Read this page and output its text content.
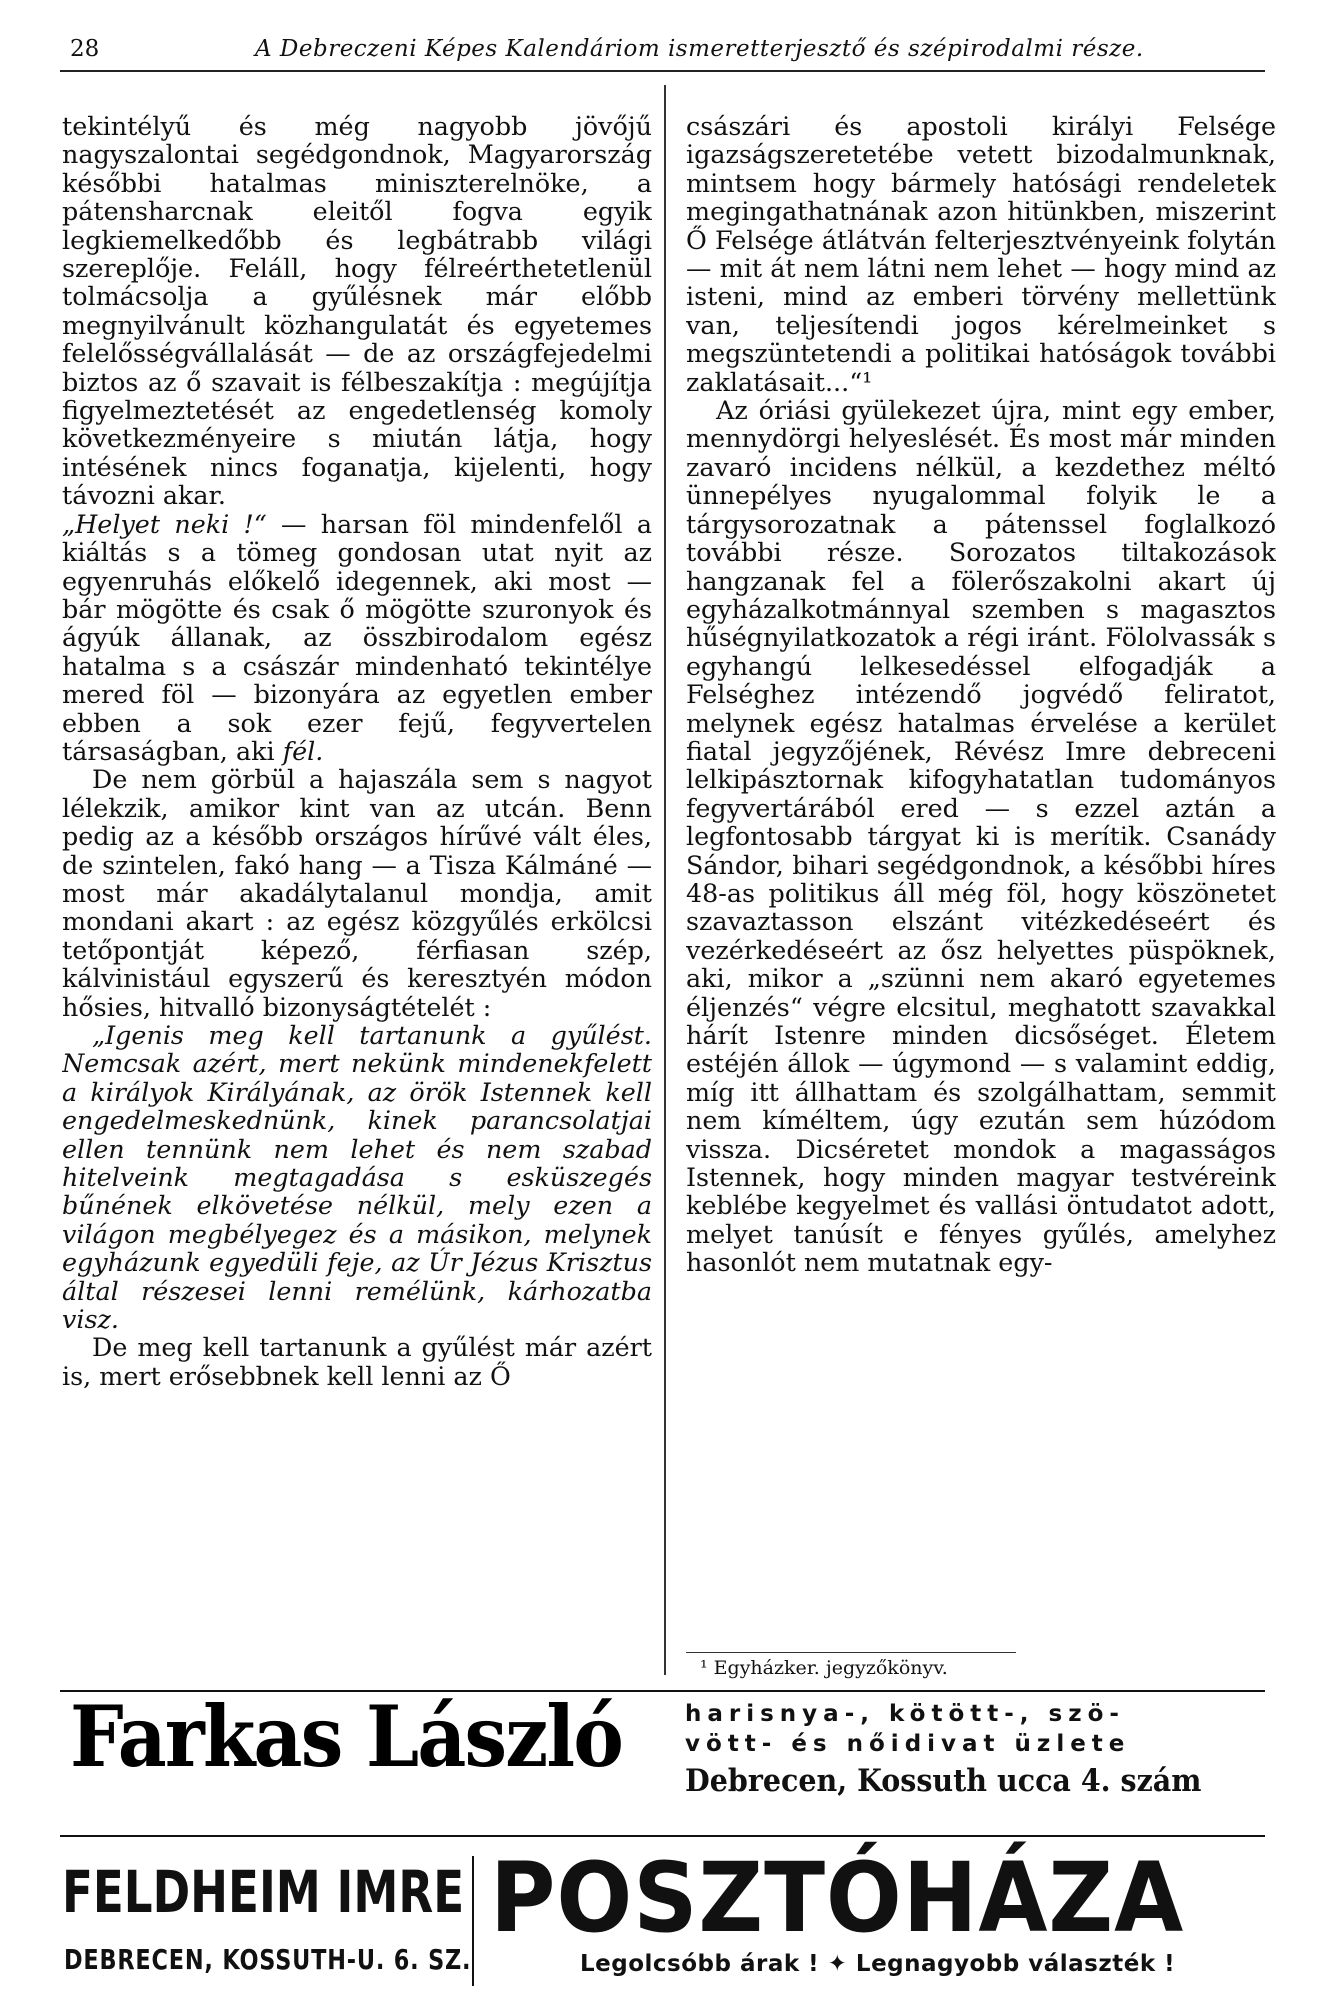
28	A Debreczeni Képes Kalendáriom ismeretterjesztő és szépirodalmi része.

tekintélyű és még nagyobb jövőjű nagyszalontai segédgondnok, Magyarország későbbi hatalmas miniszterelnöke, a pátensharcnak eleitől fogva egyik legkiemelkedőbb és legbátrabb világi szereplője. Feláll, hogy félreérthetetlenül tolmácsolja a gyűlésnek már előbb megnyilvánult közhangulatát és egyetemes felelősségvállalását — de az országfejedelmi biztos az ő szavait is félbeszakítja : megújítja figyelmeztetését az engedetlenség komoly következményeire s miután látja, hogy intésének nincs foganatja, kijelenti, hogy távozni akar.

„Helyet neki !“ — harsan föl mindenfelől a kiáltás s a tömeg gondosan utat nyit az egyenruhás előkelő idegennek, aki most — bár mögötte és csak ő mögötte szuronyok és ágyúk állanak, az összbirodalom egész hatalma s a császár mindenható tekintélye mered föl — bizonyára az egyetlen ember ebben a sok ezer fejű, fegyvertelen társaságban, aki fél.

De nem görbül a hajaszála sem s nagyot lélekzik, amikor kint van az utcán. Benn pedig az a később országos hírűvé vált éles, de szintelen, fakó hang — a Tisza Kálmáné — most már akadálytalanul mondja, amit mondani akart : az egész közgyűlés erkölcsi tetőpontját képező, férfiasan szép, kálvinistául egyszerű és keresztyén módon hősies, hitvalló bizonyságtételét :

„Igenis meg kell tartanunk a gyűlést. Nemcsak azért, mert nekünk mindenekfelett a királyok Királyának, az örök Istennek kell engedelmeskednünk, kinek parancsolatjai ellen tennünk nem lehet és nem szabad hitelveink megtagadása s esküszegés bűnének elkövetése nélkül, mely ezen a világon megbélyegez és a másikon, melynek egyházunk egyedüli feje, az Úr Jézus Krisztus által részesei lenni remélünk, kárhozatba visz.

De meg kell tartanunk a gyűlést már azért is, mert erősebbnek kell lenni az Ő

császári és apostoli királyi Felsége igazságszeretetébe vetett bizodalmunknak, mintsem hogy bármely hatósági rendeletek megingathatnának azon hitünkben, miszerint Ő Felsége átlátván felterjesztvényeink folytán — mit át nem látni nem lehet — hogy mind az isteni, mind az emberi törvény mellettünk van, teljesítendi jogos kérelmeinket s megszüntetendi a politikai hatóságok további zaklatásait...“¹

Az óriási gyülekezet újra, mint egy ember, mennydörgi helyeslését. És most már minden zavaró incidens nélkül, a kezdethez méltó ünnepélyes nyugalommal folyik le a tárgysorozatnak a pátenssel foglalkozó további része. Sorozatos tiltakozások hangzanak fel a fölerőszakolni akart új egyházalkotmánnyal szemben s magasztos hűségnyilatkozatok a régi iránt. Fölolvassák s egyhangú lelkesedéssel elfogadják a Felséghez intézendő jogvédő feliratot, melynek egész hatalmas érvelése a kerület fiatal jegyzőjének, Révész Imre debreceni lelkipásztornak kifogyhatatlan tudományos fegyvertárából ered — s ezzel aztán a legfontosabb tárgyat ki is merítik. Csanády Sándor, bihari segédgondnok, a későbbi híres 48-as politikus áll még föl, hogy köszönetet szavaztasson elszánt vitézkedéseért és vezérkedéseért az ősz helyettes püspöknek, aki, mikor a „szünni nem akaró egyetemes éljenzés“ végre elcsitul, meghatott szavakkal hárít Istenre minden dicsőséget. Életem estéjén állok — úgymond — s valamint eddig, míg itt állhattam és szolgálhattam, semmit nem kíméltem, úgy ezután sem húzódom vissza. Dicséretet mondok a magasságos Istennek, hogy minden magyar testvéreink keblébe kegyelmet és vallási öntudatot adott, melyet tanúsít e fényes gyűlés, amelyhez hasonlót nem mutatnak egy-

¹ Egyházker. jegyzőkönyv.
Farkas László	harisnya-, kötött-, szö-
vött- és nőidivat üzlete
Debrecen, Kossuth ucca 4. szám
FELDHEIM IMRE
DEBRECEN, KOSSUTH-U. 6. SZ.
POSZTÓHÁZA
Legolcsóbb árak ! ✦ Legnagyobb választék !
